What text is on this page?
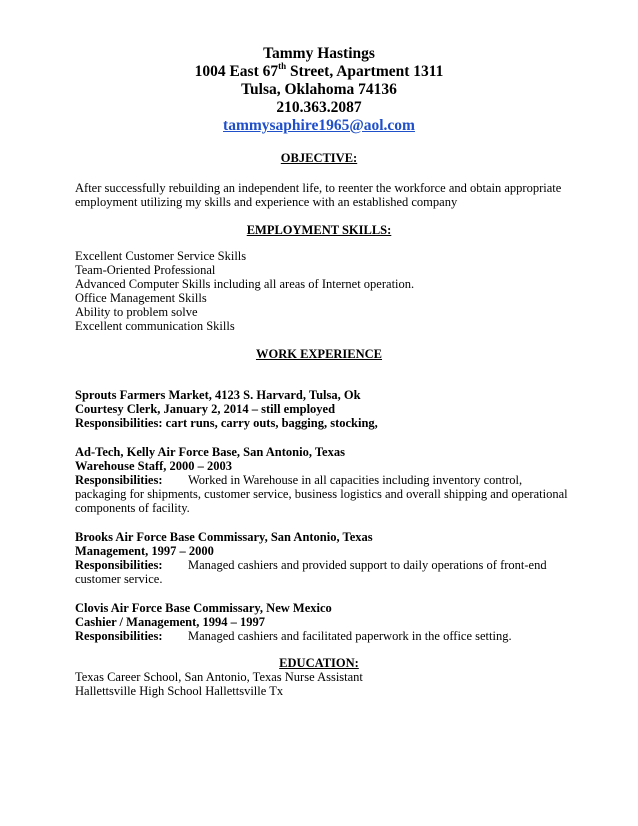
Tammy Hastings
1004 East 67th Street, Apartment 1311
Tulsa, Oklahoma 74136
210.363.2087
tammysaphire1965@aol.com
OBJECTIVE:
After successfully rebuilding an independent life, to reenter the workforce and obtain appropriate
employment utilizing my skills and experience with an established company
EMPLOYMENT SKILLS:
Excellent Customer Service Skills
Team-Oriented Professional
Advanced Computer Skills including all areas of Internet operation.
Office Management Skills
Ability to problem solve
Excellent communication Skills
WORK EXPERIENCE
Sprouts Farmers Market, 4123 S. Harvard, Tulsa, Ok
Courtesy Clerk, January 2, 2014 – still employed
Responsibilities: cart runs, carry outs, bagging, stocking,
Ad-Tech, Kelly Air Force Base, San Antonio, Texas
Warehouse Staff, 2000 – 2003
Responsibilities:	Worked in Warehouse in all capacities including inventory control,
packaging for shipments, customer service, business logistics and overall shipping and operational
components of facility.
Brooks Air Force Base Commissary, San Antonio, Texas
Management, 1997 – 2000
Responsibilities:	Managed cashiers and provided support to daily operations of front-end
customer service.
Clovis Air Force Base Commissary, New Mexico
Cashier / Management, 1994 – 1997
Responsibilities:	Managed cashiers and facilitated paperwork in the office setting.
EDUCATION:
Texas Career School, San Antonio, Texas Nurse Assistant
Hallettsville High School Hallettsville Tx
